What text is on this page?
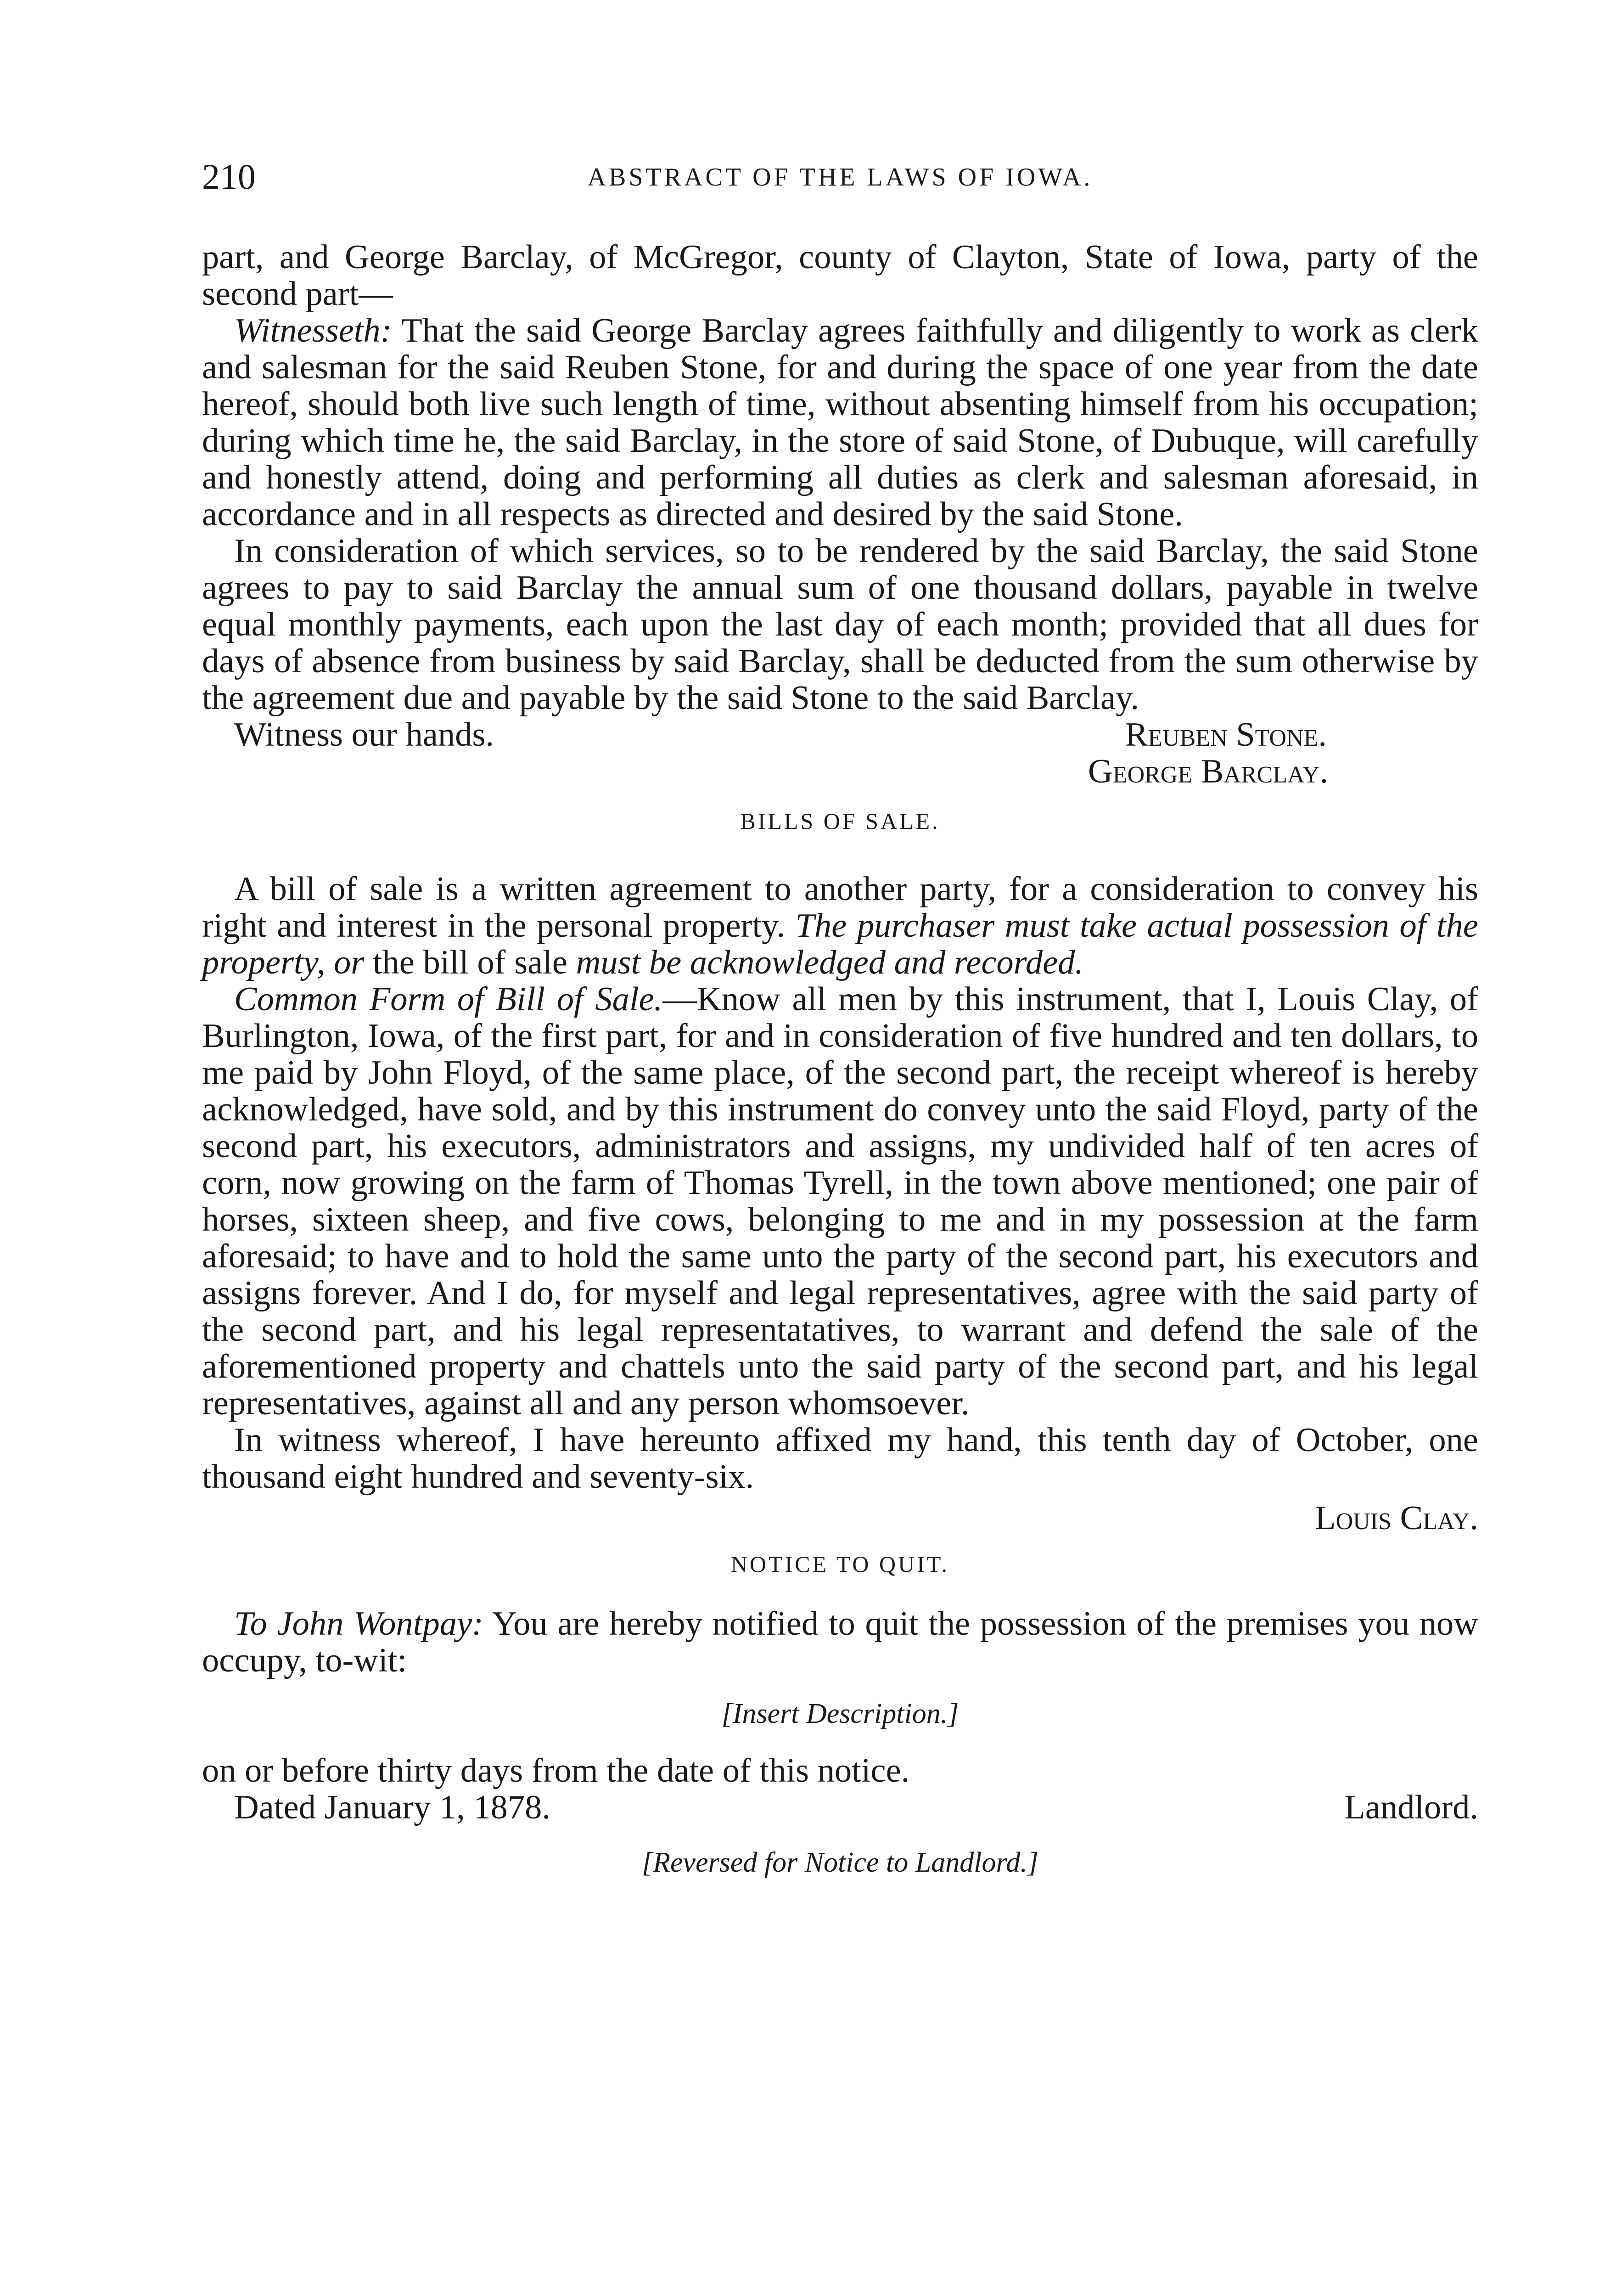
210	ABSTRACT OF THE LAWS OF IOWA.

part, and George Barclay, of McGregor, county of Clayton, State of Iowa, party of the second part—

Witnesseth: That the said George Barclay agrees faithfully and diligently to work as clerk and salesman for the said Reuben Stone, for and during the space of one year from the date hereof, should both live such length of time, without absenting himself from his occupation; during which time he, the said Barclay, in the store of said Stone, of Dubuque, will carefully and honestly attend, doing and performing all duties as clerk and salesman aforesaid, in accordance and in all respects as directed and desired by the said Stone.

In consideration of which services, so to be rendered by the said Barclay, the said Stone agrees to pay to said Barclay the annual sum of one thousand dollars, payable in twelve equal monthly payments, each upon the last day of each month; provided that all dues for days of absence from business by said Barclay, shall be deducted from the sum otherwise by the agreement due and payable by the said Stone to the said Barclay.

Witness our hands.	Reuben Stone.
George Barclay.
BILLS OF SALE.

A bill of sale is a written agreement to another party, for a consideration to convey his right and interest in the personal property. The purchaser must take actual possession of the property, or the bill of sale must be acknowledged and recorded.

Common Form of Bill of Sale.—Know all men by this instrument, that I, Louis Clay, of Burlington, Iowa, of the first part, for and in consideration of five hundred and ten dollars, to me paid by John Floyd, of the same place, of the second part, the receipt whereof is hereby acknowledged, have sold, and by this instrument do convey unto the said Floyd, party of the second part, his executors, administrators and assigns, my undivided half of ten acres of corn, now growing on the farm of Thomas Tyrell, in the town above mentioned; one pair of horses, sixteen sheep, and five cows, belonging to me and in my possession at the farm aforesaid; to have and to hold the same unto the party of the second part, his executors and assigns forever. And I do, for myself and legal representatives, agree with the said party of the second part, and his legal representatatives, to warrant and defend the sale of the aforementioned property and chattels unto the said party of the second part, and his legal representatives, against all and any person whomsoever.

In witness whereof, I have hereunto affixed my hand, this tenth day of October, one thousand eight hundred and seventy-six.

Louis Clay.
NOTICE TO QUIT.

To John Wontpay: You are hereby notified to quit the possession of the premises you now occupy, to-wit:

[Insert Description.]

on or before thirty days from the date of this notice.

Dated January 1, 1878.	Landlord.
[Reversed for Notice to Landlord.]
